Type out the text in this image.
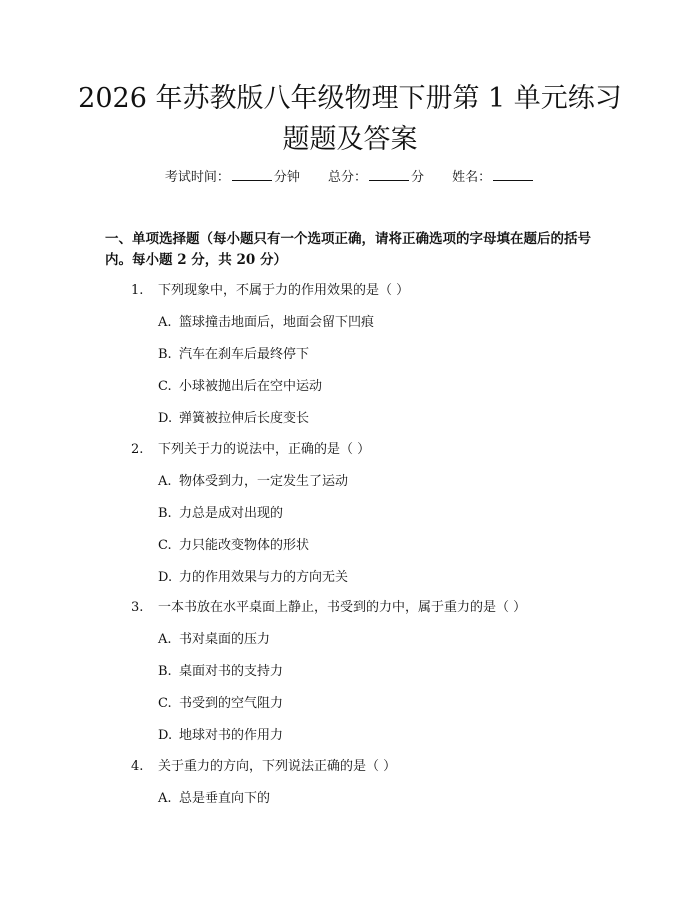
2026 年苏教版八年级物理下册第 1 单元练习
题题及答案
考试时间：	分钟 总分：	分 姓名：
一、单项选择题（每小题只有一个选项正确，请将正确选项的字母填在题后的括号内。每小题 2 分，共 20 分）
1. 下列现象中，不属于力的作用效果的是（ ）
A. 篮球撞击地面后，地面会留下凹痕
B. 汽车在刹车后最终停下
C. 小球被抛出后在空中运动
D. 弹簧被拉伸后长度变长
2. 下列关于力的说法中，正确的是（ ）
A. 物体受到力，一定发生了运动
B. 力总是成对出现的
C. 力只能改变物体的形状
D. 力的作用效果与力的方向无关
3. 一本书放在水平桌面上静止，书受到的力中，属于重力的是（ ）
A. 书对桌面的压力
B. 桌面对书的支持力
C. 书受到的空气阻力
D. 地球对书的作用力
4. 关于重力的方向，下列说法正确的是（ ）
A. 总是垂直向下的
